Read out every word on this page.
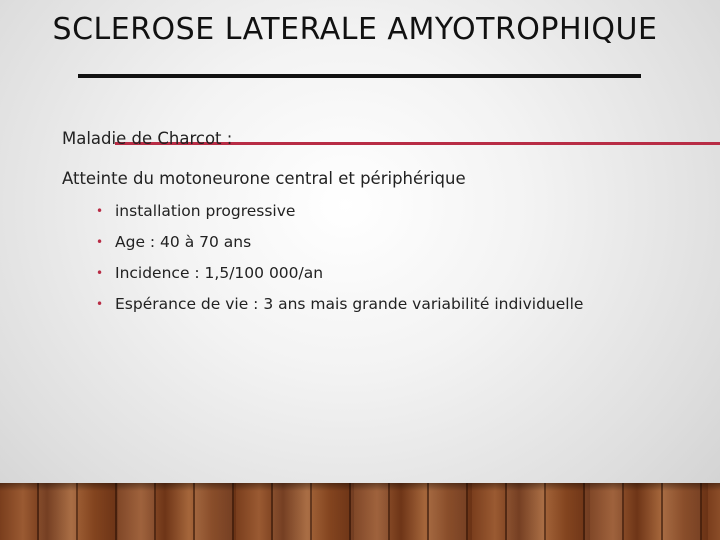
SCLEROSE LATERALE AMYOTROPHIQUE
Maladie de Charcot :
Atteinte du motoneurone central et périphérique
• installation progressive
• Age : 40 à 70 ans
• Incidence : 1,5/100 000/an
• Espérance de vie : 3 ans mais grande variabilité individuelle
